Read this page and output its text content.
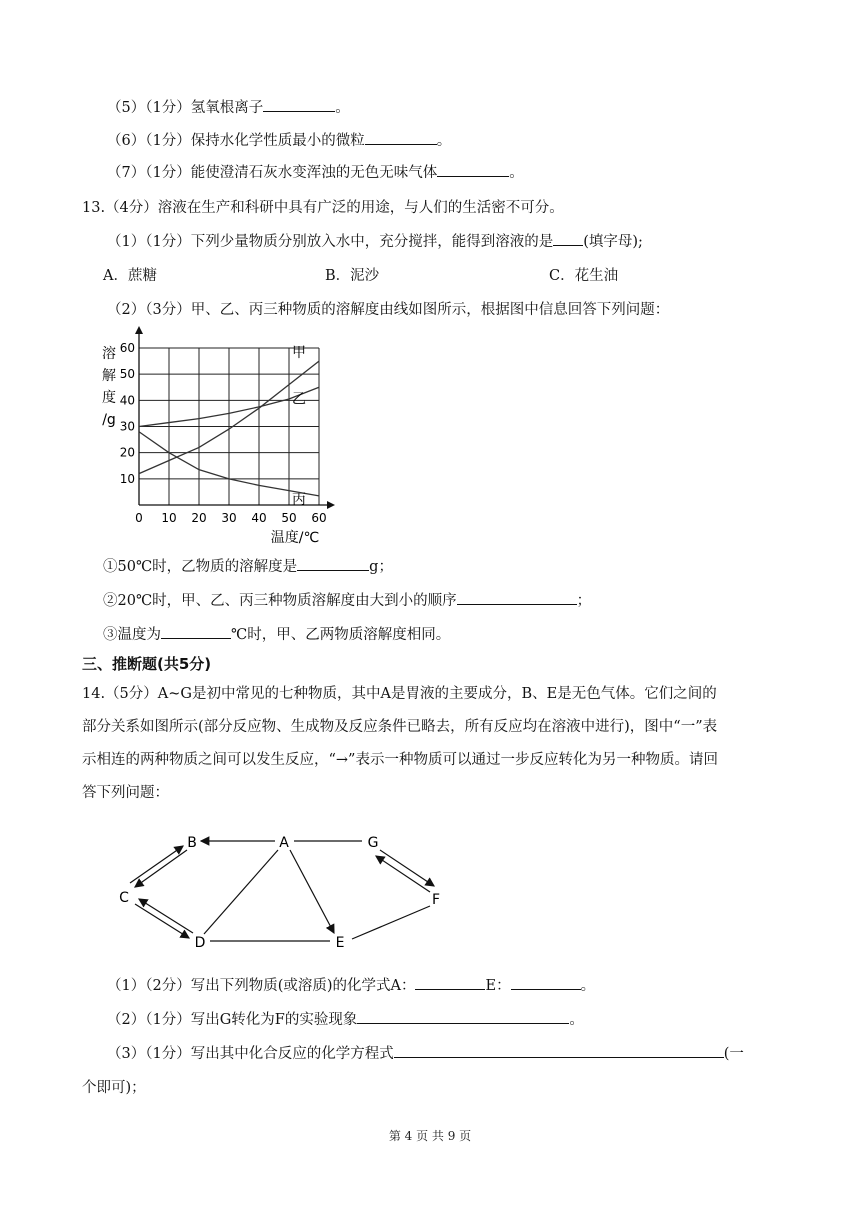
（5）（1分）氢氧根离子	。
（6）（1分）保持水化学性质最小的微粒	。
（7）（1分）能使澄清石灰水变浑浊的无色无味气体	。
13.（4分）溶液在生产和科研中具有广泛的用途，与人们的生活密不可分。
（1）（1分）下列少量物质分别放入水中，充分搅拌，能得到溶液的是 (填字母);
A．蔗糖	B．泥沙	C．花生油
（2）（3分）甲、乙、丙三种物质的溶解度由线如图所示，根据图中信息回答下列问题：
0 10 20 30 40 50 60
10
20
30
40
50
60
溶
解
度
/g
温度/℃
甲
乙
丙
①50℃时，乙物质的溶解度是	g；
②20℃时，甲、乙、丙三种物质溶解度由大到小的顺序	；
③温度为	℃时，甲、乙两物质溶解度相同。
三、推断题(共5分)
14.（5分）A~G是初中常见的七种物质，其中A是胃液的主要成分，B、E是无色气体。它们之间的
部分关系如图所示(部分反应物、生成物及反应条件已略去，所有反应均在溶液中进行)，图中“一”表
示相连的两种物质之间可以发生反应，“→”表示一种物质可以通过一步反应转化为另一种物质。请回
答下列问题：
A
B
C
D	E
F
G
（1）（2分）写出下列物质(或溶质)的化学式A：	E：	。
（2）（1分）写出G转化为F的实验现象	。
（3）（1分）写出其中化合反应的化学方程式	(一
个即可)；
第 4 页 共 9 页
